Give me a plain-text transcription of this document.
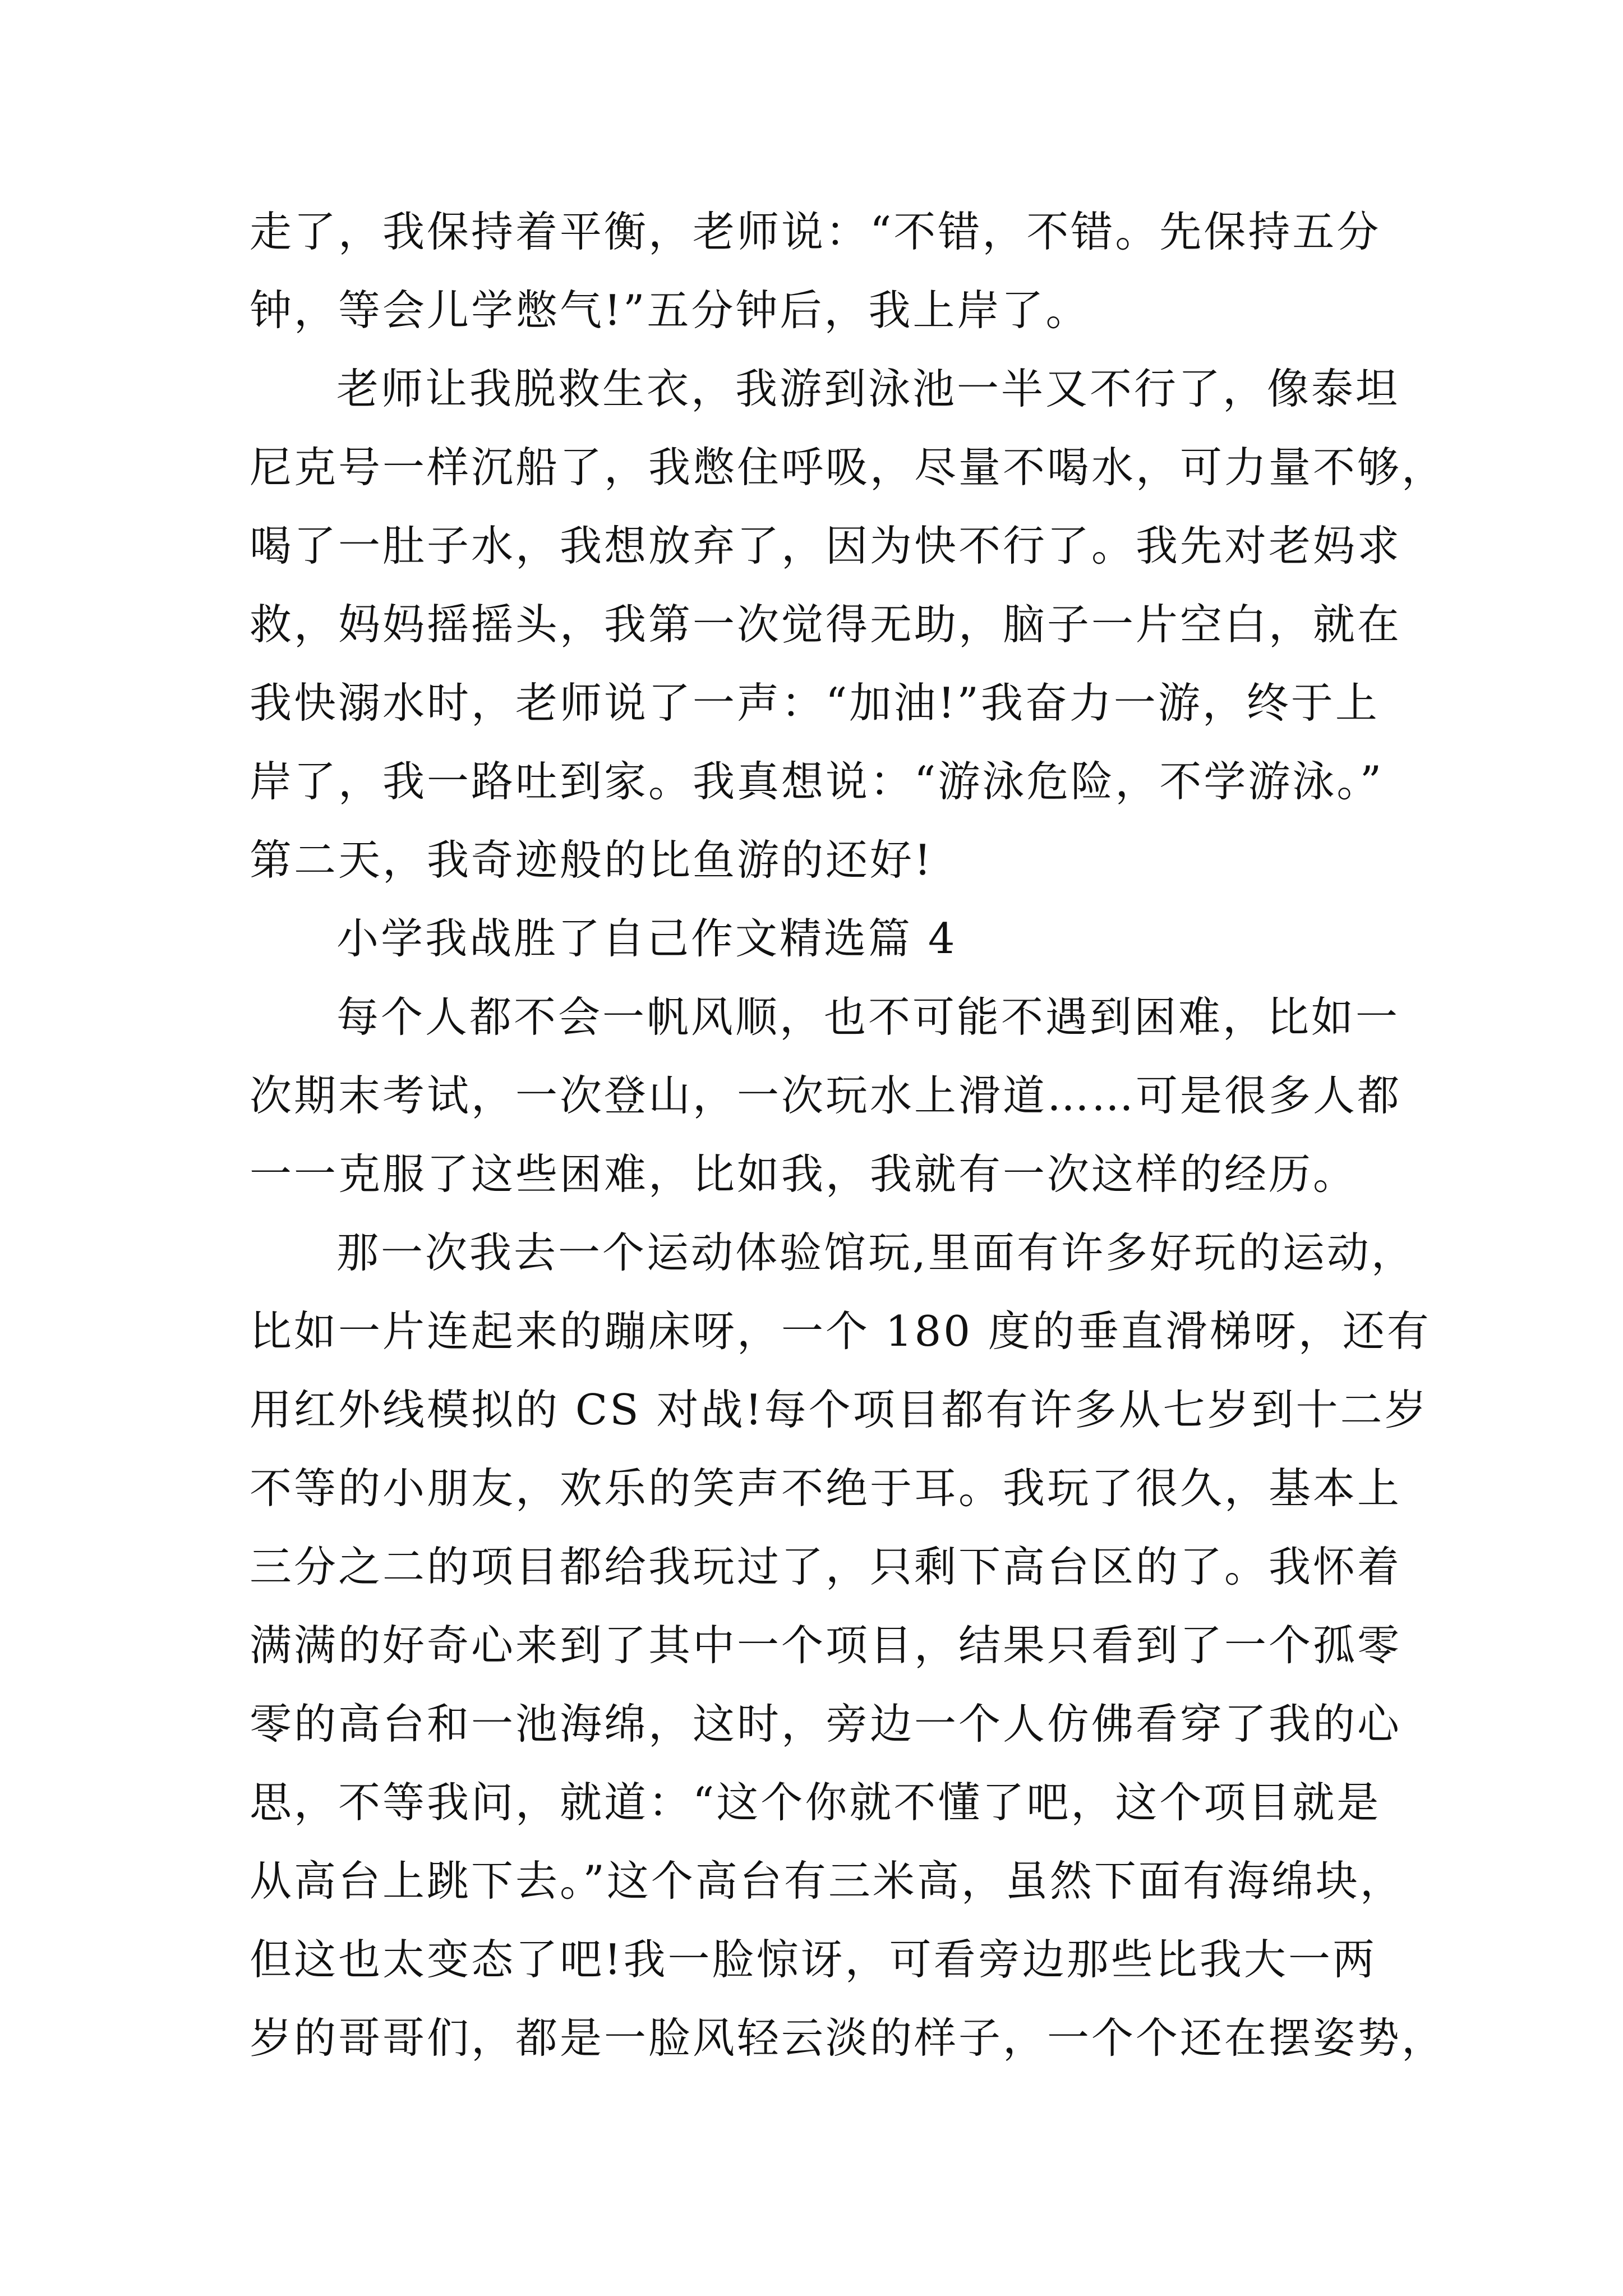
走了，我保持着平衡，老师说：“不错，不错。先保持五分
钟，等会儿学憋气!”五分钟后，我上岸了。
老师让我脱救生衣，我游到泳池一半又不行了，像泰坦
尼克号一样沉船了，我憋住呼吸，尽量不喝水，可力量不够，
喝了一肚子水，我想放弃了，因为快不行了。我先对老妈求
救，妈妈摇摇头，我第一次觉得无助，脑子一片空白，就在
我快溺水时，老师说了一声：“加油!”我奋力一游，终于上
岸了，我一路吐到家。我真想说：“游泳危险，不学游泳。”
第二天，我奇迹般的比鱼游的还好!
小学我战胜了自己作文精选篇 4
每个人都不会一帆风顺，也不可能不遇到困难，比如一
次期末考试，一次登山，一次玩水上滑道……可是很多人都
一一克服了这些困难，比如我，我就有一次这样的经历。
那一次我去一个运动体验馆玩,里面有许多好玩的运动，
比如一片连起来的蹦床呀，一个 180 度的垂直滑梯呀，还有
用红外线模拟的 CS 对战!每个项目都有许多从七岁到十二岁
不等的小朋友，欢乐的笑声不绝于耳。我玩了很久，基本上
三分之二的项目都给我玩过了，只剩下高台区的了。我怀着
满满的好奇心来到了其中一个项目，结果只看到了一个孤零
零的高台和一池海绵，这时，旁边一个人仿佛看穿了我的心
思，不等我问，就道：“这个你就不懂了吧，这个项目就是
从高台上跳下去。”这个高台有三米高，虽然下面有海绵块，
但这也太变态了吧!我一脸惊讶，可看旁边那些比我大一两
岁的哥哥们，都是一脸风轻云淡的样子，一个个还在摆姿势，
